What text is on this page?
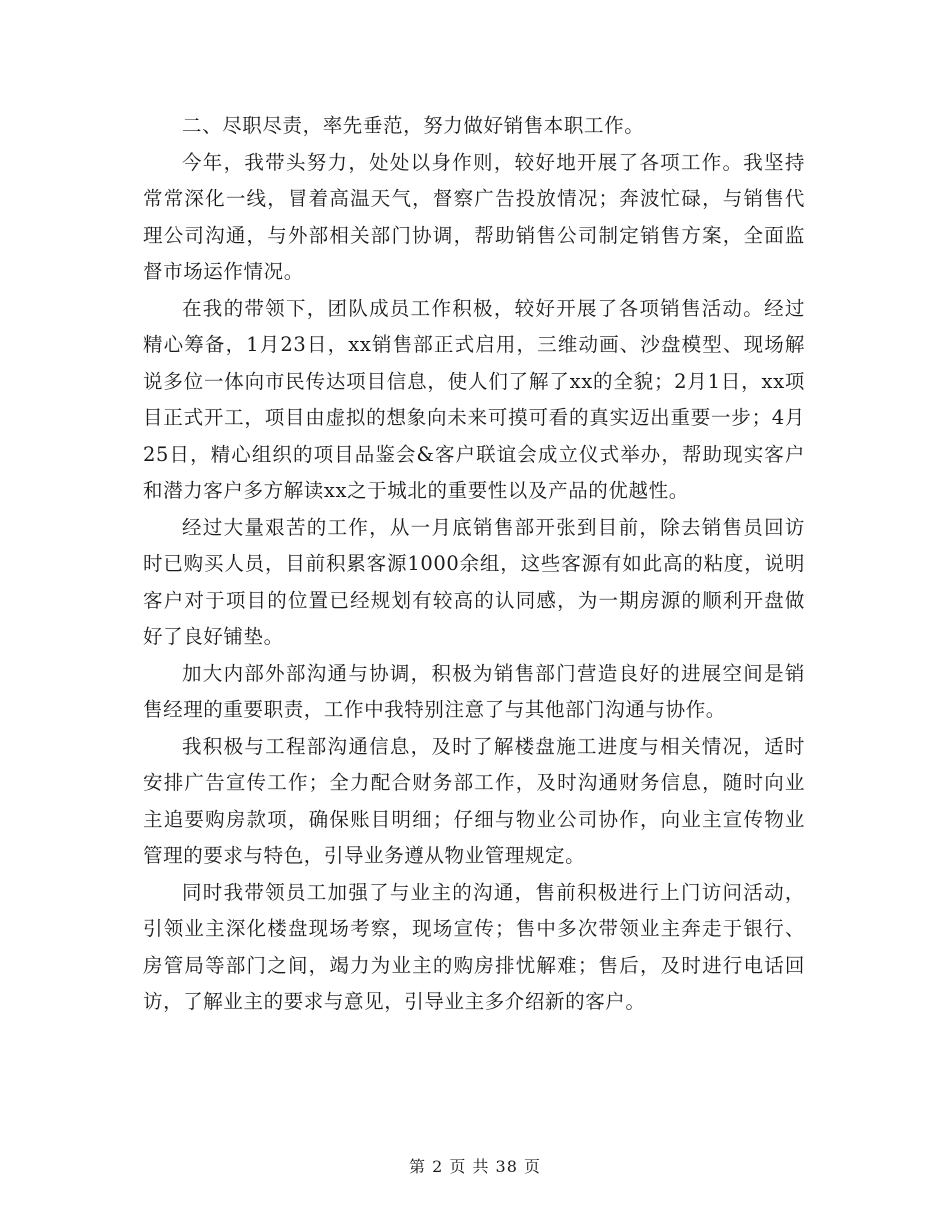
二、尽职尽责，率先垂范，努力做好销售本职工作。

今年，我带头努力，处处以身作则，较好地开展了各项工作。我坚持常常深化一线，冒着高温天气，督察广告投放情况；奔波忙碌，与销售代理公司沟通，与外部相关部门协调，帮助销售公司制定销售方案，全面监督市场运作情况。

在我的带领下，团队成员工作积极，较好开展了各项销售活动。经过精心筹备，1月23日，xx销售部正式启用，三维动画、沙盘模型、现场解说多位一体向市民传达项目信息，使人们了解了xx的全貌；2月1日，xx项目正式开工，项目由虚拟的想象向未来可摸可看的真实迈出重要一步；4月25日，精心组织的项目品鉴会&客户联谊会成立仪式举办，帮助现实客户和潜力客户多方解读xx之于城北的重要性以及产品的优越性。

经过大量艰苦的工作，从一月底销售部开张到目前，除去销售员回访时已购买人员，目前积累客源1000余组，这些客源有如此高的粘度，说明客户对于项目的位置已经规划有较高的认同感，为一期房源的顺利开盘做好了良好铺垫。

加大内部外部沟通与协调，积极为销售部门营造良好的进展空间是销售经理的重要职责，工作中我特别注意了与其他部门沟通与协作。

我积极与工程部沟通信息，及时了解楼盘施工进度与相关情况，适时安排广告宣传工作；全力配合财务部工作，及时沟通财务信息，随时向业主追要购房款项，确保账目明细；仔细与物业公司协作，向业主宣传物业管理的要求与特色，引导业务遵从物业管理规定。

同时我带领员工加强了与业主的沟通，售前积极进行上门访问活动，引领业主深化楼盘现场考察，现场宣传；售中多次带领业主奔走于银行、房管局等部门之间，竭力为业主的购房排忧解难；售后，及时进行电话回访，了解业主的要求与意见，引导业主多介绍新的客户。

第 2 页 共 38 页
